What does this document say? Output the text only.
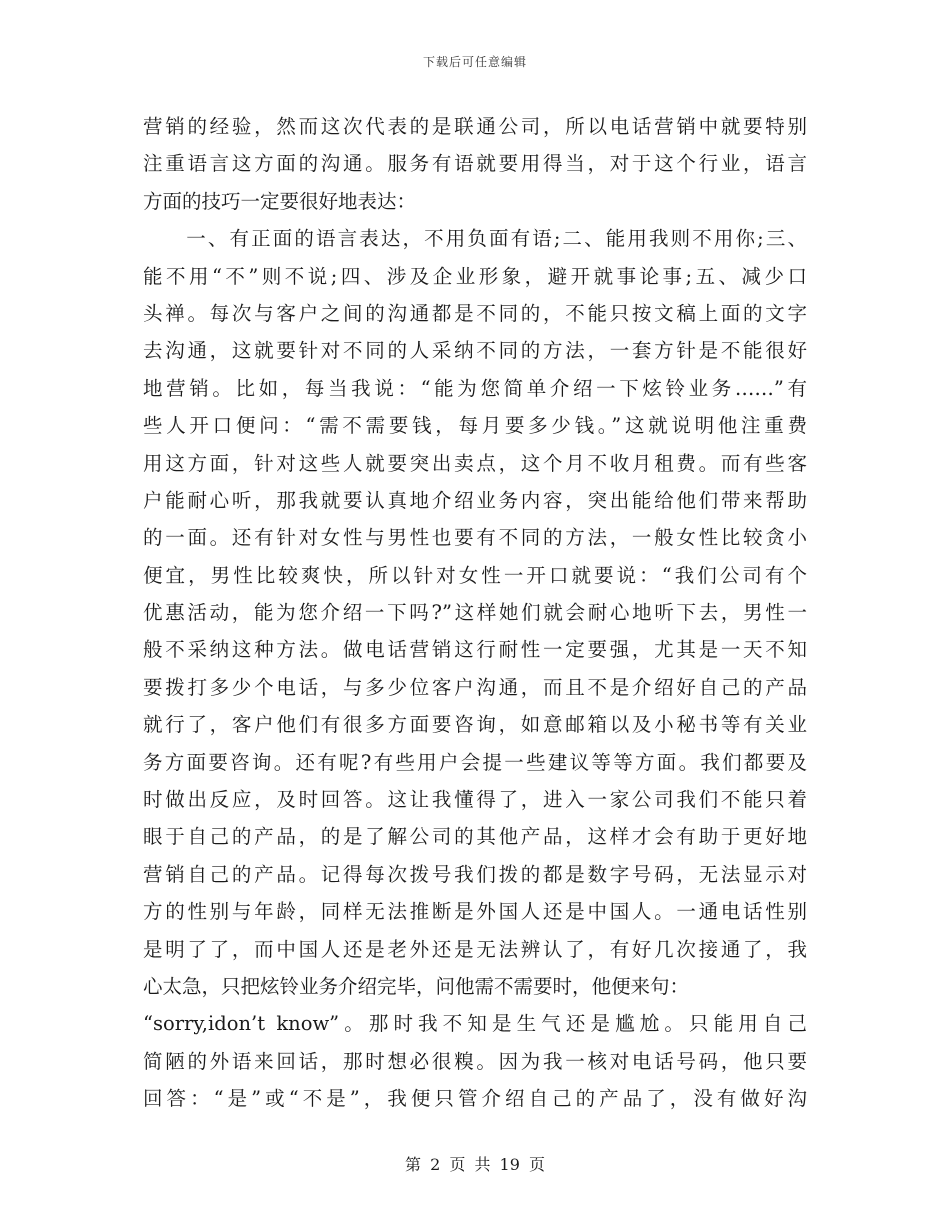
下载后可任意编辑
营销的经验，然而这次代表的是联通公司，所以电话营销中就要特别
注重语言这方面的沟通。服务有语就要用得当，对于这个行业，语言
方面的技巧一定要很好地表达：
　　一、有正面的语言表达，不用负面有语;二、能用我则不用你;三、
能不用“不”则不说;四、涉及企业形象，避开就事论事;五、减少口
头禅。每次与客户之间的沟通都是不同的，不能只按文稿上面的文字
去沟通，这就要针对不同的人采纳不同的方法，一套方针是不能很好
地营销。比如，每当我说：“能为您简单介绍一下炫铃业务……”有
些人开口便问：“需不需要钱，每月要多少钱。”这就说明他注重费
用这方面，针对这些人就要突出卖点，这个月不收月租费。而有些客
户能耐心听，那我就要认真地介绍业务内容，突出能给他们带来帮助
的一面。还有针对女性与男性也要有不同的方法，一般女性比较贪小
便宜，男性比较爽快，所以针对女性一开口就要说：“我们公司有个
优惠活动，能为您介绍一下吗?”这样她们就会耐心地听下去，男性一
般不采纳这种方法。做电话营销这行耐性一定要强，尤其是一天不知
要拨打多少个电话，与多少位客户沟通，而且不是介绍好自己的产品
就行了，客户他们有很多方面要咨询，如意邮箱以及小秘书等有关业
务方面要咨询。还有呢?有些用户会提一些建议等等方面。我们都要及
时做出反应，及时回答。这让我懂得了，进入一家公司我们不能只着
眼于自己的产品，的是了解公司的其他产品，这样才会有助于更好地
营销自己的产品。记得每次拨号我们拨的都是数字号码，无法显示对
方的性别与年龄，同样无法推断是外国人还是中国人。一通电话性别
是明了了，而中国人还是老外还是无法辨认了，有好几次接通了，我
心太急，只把炫铃业务介绍完毕，问他需不需要时，他便来句：
“sorry,idon’t know”。那时我不知是生气还是尴尬。只能用自己
简陋的外语来回话，那时想必很糗。因为我一核对电话号码，他只要
回答：“是”或“不是”，我便只管介绍自己的产品了，没有做好沟
第 2 页 共 19 页
